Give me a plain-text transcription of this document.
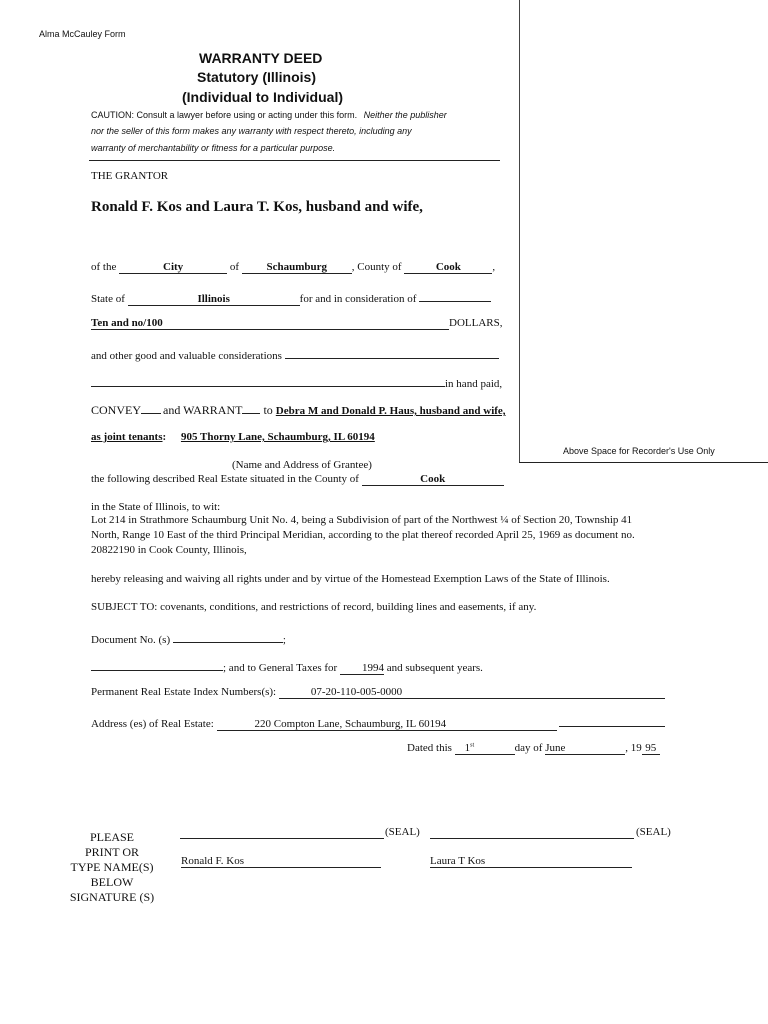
Above Space for Recorder's Use Only
Alma McCauley Form
WARRANTY DEED
Statutory (Illinois)
(Individual to Individual)
CAUTION: Consult a lawyer before using or acting under this form. Neither the publisher
nor the seller of this form makes any warranty with respect thereto, including any
warranty of merchantability or fitness for a particular purpose.
THE GRANTOR
Ronald F. Kos and Laura T. Kos, husband and wife,
of the	City	of Schaumburg , County of	Cook	,
State of	Illinois	for and in consideration of
Ten and no/100	DOLLARS,
and other good and valuable considerations
in hand paid,
CONVEY and WARRANT to Debra M and Donald P. Haus, husband and wife,
as joint tenants: 905 Thorny Lane, Schaumburg, IL 60194
(Name and Address of Grantee)
the following described Real Estate situated in the County of	Cook
in the State of Illinois, to wit:
Lot 214 in Strathmore Schaumburg Unit No. 4, being a Subdivision of part of the Northwest ¼ of Section 20, Township 41
North, Range 10 East of the third Principal Meridian, according to the plat thereof recorded April 25, 1969 as document no.
20822190 in Cook County, Illinois,
hereby releasing and waiving all rights under and by virtue of the Homestead Exemption Laws of the State of Illinois.
SUBJECT TO: covenants, conditions, and restrictions of record, building lines and easements, if any.
Document No. (s)	;
; and to General Taxes for 1994 and subsequent years.
Permanent Real Estate Index Numbers(s):	07-20-110-005-0000
Address (es) of Real Estate:	220 Compton Lane, Schaumburg, IL 60194
Dated this 1st	day of June	, 19 95
PLEASE
PRINT OR
TYPE NAME(S)
BELOW
SIGNATURE (S)
(SEAL)	(SEAL)
Ronald F. Kos	Laura T Kos
